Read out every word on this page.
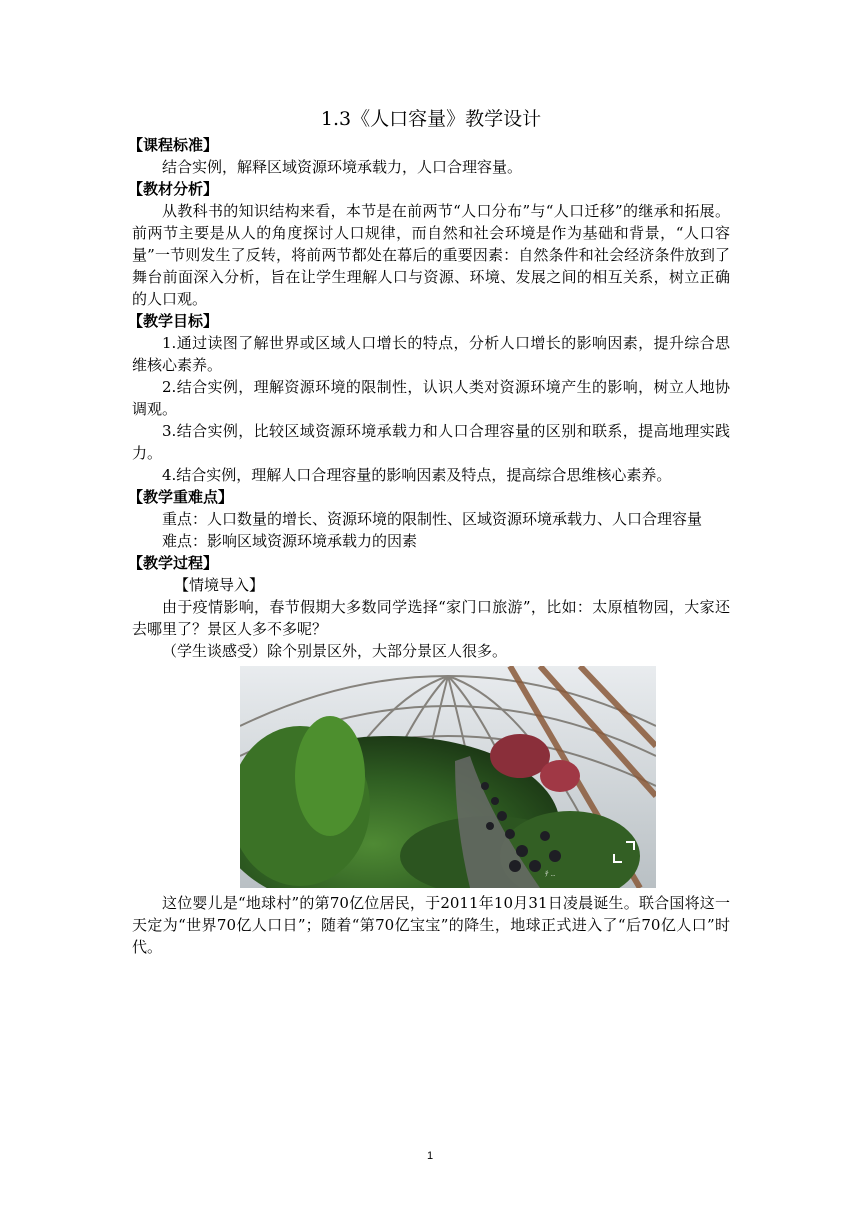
1.3《人口容量》教学设计
【课程标准】

结合实例，解释区域资源环境承载力，人口合理容量。

【教材分析】

从教科书的知识结构来看，本节是在前两节“人口分布”与“人口迁移”的继承和拓展。前两节主要是从人的角度探讨人口规律，而自然和社会环境是作为基础和背景，“人口容量”一节则发生了反转，将前两节都处在幕后的重要因素：自然条件和社会经济条件放到了舞台前面深入分析，旨在让学生理解人口与资源、环境、发展之间的相互关系，树立正确的人口观。

【教学目标】

1.通过读图了解世界或区域人口增长的特点，分析人口增长的影响因素，提升综合思维核心素养。

2.结合实例，理解资源环境的限制性，认识人类对资源环境产生的影响，树立人地协调观。

3.结合实例，比较区域资源环境承载力和人口合理容量的区别和联系，提高地理实践力。

4.结合实例，理解人口合理容量的影响因素及特点，提高综合思维核心素养。

【教学重难点】

重点：人口数量的增长、资源环境的限制性、区域资源环境承载力、人口合理容量

难点：影响区域资源环境承载力的因素

【教学过程】
【情境导入】

由于疫情影响，春节假期大多数同学选择“家门口旅游”，比如：太原植物园，大家还去哪里了？景区人多不多呢？

（学生谈感受）除个别景区外，大部分景区人很多。

ﾃ ..

这位婴儿是“地球村”的第70亿位居民，于2011年10月31日凌晨诞生。联合国将这一天定为“世界70亿人口日”；随着“第70亿宝宝”的降生，地球正式进入了“后70亿人口”时代。

1
